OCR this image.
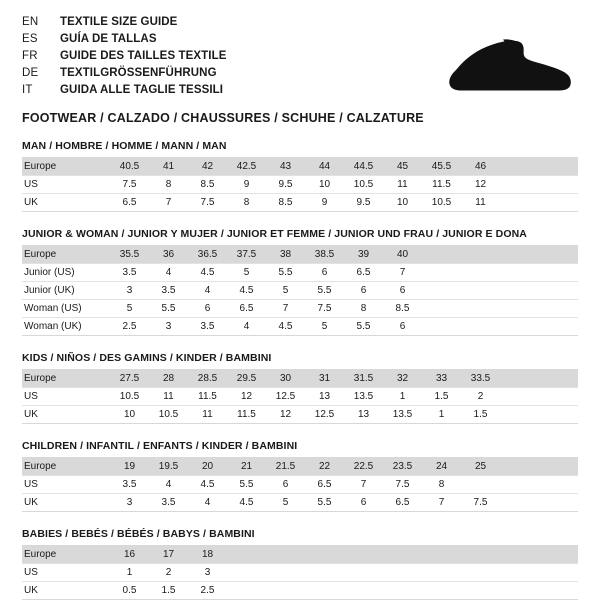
EN	TEXTILE SIZE GUIDE
ES	GUÍA DE TALLAS
FR	GUIDE DES TAILLES TEXTILE
DE	TEXTILGRÖSSENFÜHRUNG
IT	GUIDA ALLE TAGLIE TESSILI
FOOTWEAR / CALZADO / CHAUSSURES / SCHUHE / CALZATURE
MAN / HOMBRE / HOMME / MANN / MAN
Europe	40.5	41	42	42.5	43	44	44.5	45	45.5	46		
US	7.5	8	8.5	9	9.5	10	10.5	11	11.5	12		
UK	6.5	7	7.5	8	8.5	9	9.5	10	10.5	11		
JUNIOR & WOMAN / JUNIOR Y MUJER / JUNIOR ET FEMME / JUNIOR UND FRAU / JUNIOR E DONA
Europe	35.5	36	36.5	37.5	38	38.5	39	40				
Junior (US)	3.5	4	4.5	5	5.5	6	6.5	7				
Junior (UK)	3	3.5	4	4.5	5	5.5	6	6				
Woman (US)	5	5.5	6	6.5	7	7.5	8	8.5				
Woman (UK)	2.5	3	3.5	4	4.5	5	5.5	6				
KIDS / NIÑOS / DES GAMINS / KINDER / BAMBINI
Europe	27.5	28	28.5	29.5	30	31	31.5	32	33	33.5		
US	10.5	11	11.5	12	12.5	13	13.5	1	1.5	2		
UK	10	10.5	11	11.5	12	12.5	13	13.5	1	1.5		
CHILDREN / INFANTIL / ENFANTS / KINDER / BAMBINI
Europe	19	19.5	20	21	21.5	22	22.5	23.5	24	25		
US	3.5	4	4.5	5.5	6	6.5	7	7.5	8			
UK	3	3.5	4	4.5	5	5.5	6	6.5	7	7.5		
BABIES / BEBÉS / BÉBÉS / BABYS / BAMBINI
Europe	16	17	18									
US	1	2	3									
UK	0.5	1.5	2.5									
